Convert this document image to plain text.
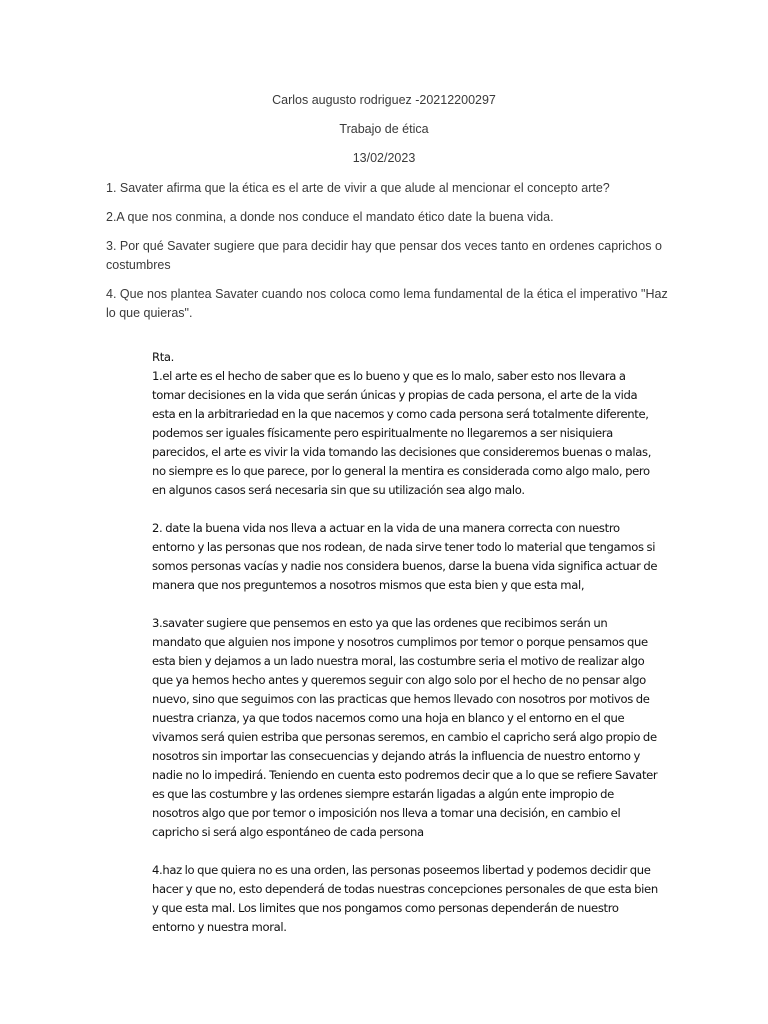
Carlos augusto rodriguez -20212200297

Trabajo de ética

13/02/2023

1. Savater afirma que la ética es el arte de vivir a que alude al mencionar el concepto arte?

2.A que nos conmina, a donde nos conduce el mandato ético date la buena vida.

3. Por qué Savater sugiere que para decidir hay que pensar dos veces tanto en ordenes caprichos o costumbres

4. Que nos plantea Savater cuando nos coloca como lema fundamental de la ética el imperativo "Haz lo que quieras".

Rta.

1.el arte es el hecho de saber que es lo bueno y que es lo malo, saber esto nos llevara a tomar decisiones en la vida que serán únicas y propias de cada persona, el arte de la vida esta en la arbitrariedad en la que nacemos y como cada persona será totalmente diferente, podemos ser iguales físicamente pero espiritualmente no llegaremos a ser nisiquiera parecidos, el arte es vivir la vida tomando las decisiones que consideremos buenas o malas, no siempre es lo que parece, por lo general la mentira es considerada como algo malo, pero en algunos casos será necesaria sin que su utilización sea algo malo.

2. date la buena vida nos lleva a actuar en la vida de una manera correcta con nuestro entorno y las personas que nos rodean, de nada sirve tener todo lo material que tengamos si somos personas vacías y nadie nos considera buenos, darse la buena vida significa actuar de manera que nos preguntemos a nosotros mismos que esta bien y que esta mal,

3.savater sugiere que pensemos en esto ya que las ordenes que recibimos serán un mandato que alguien nos impone y nosotros cumplimos por temor o porque pensamos que esta bien y dejamos a un lado nuestra moral, las costumbre seria el motivo de realizar algo que ya hemos hecho antes y queremos seguir con algo solo por el hecho de no pensar algo nuevo, sino que seguimos con las practicas que hemos llevado con nosotros por motivos de nuestra crianza, ya que todos nacemos como una hoja en blanco y el entorno en el que vivamos será quien estriba que personas seremos, en cambio el capricho será algo propio de nosotros sin importar las consecuencias y dejando atrás la influencia de nuestro entorno y nadie no lo impedirá. Teniendo en cuenta esto podremos decir que a lo que se refiere Savater es que las costumbre y las ordenes siempre estarán ligadas a algún ente impropio de nosotros algo que por temor o imposición nos lleva a tomar una decisión, en cambio el capricho si será algo espontáneo de cada persona

4.haz lo que quiera no es una orden, las personas poseemos libertad y podemos decidir que hacer y que no, esto dependerá de todas nuestras concepciones personales de que esta bien y que esta mal. Los limites que nos pongamos como personas dependerán de nuestro entorno y nuestra moral.
